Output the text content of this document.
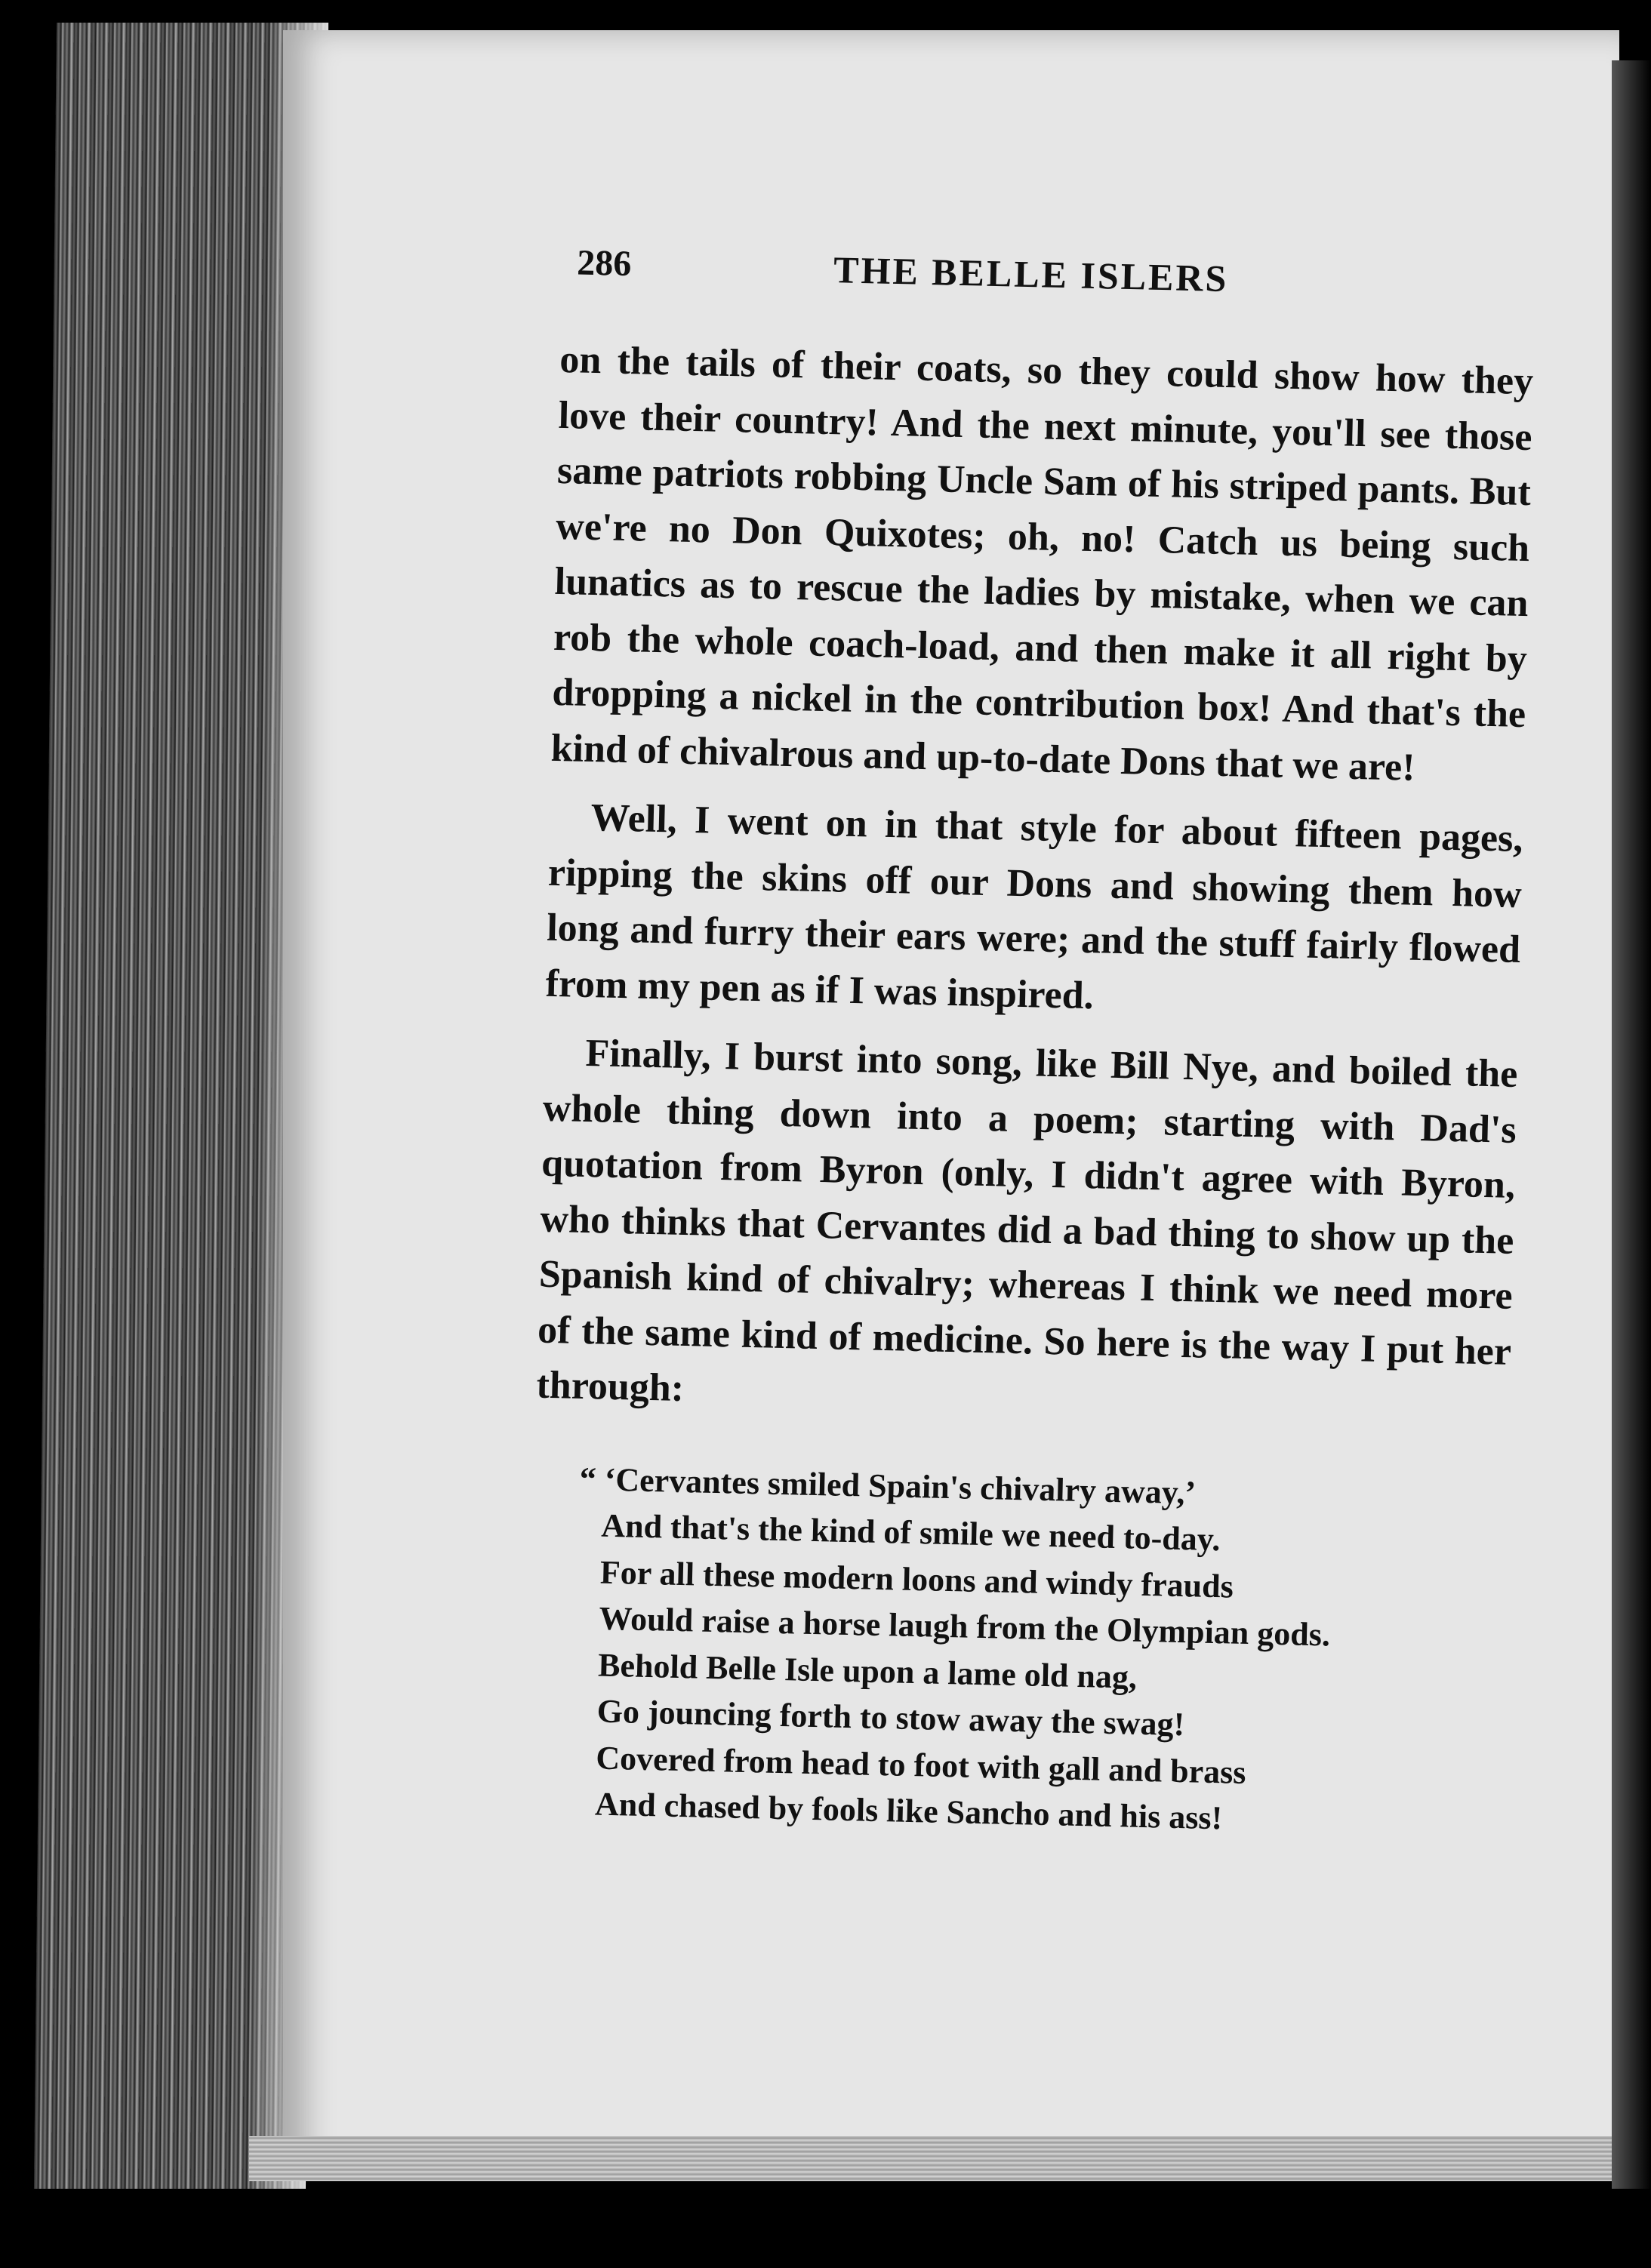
286	THE BELLE ISLERS

on the tails of their coats, so they could show how they love their country! And the next minute, you'll see those same patriots robbing Uncle Sam of his striped pants. But we're no Don Quixotes; oh, no! Catch us being such lunatics as to rescue the ladies by mistake, when we can rob the whole coach-load, and then make it all right by dropping a nickel in the contribution box! And that's the kind of chivalrous and up-to-date Dons that we are!

Well, I went on in that style for about fifteen pages, ripping the skins off our Dons and showing them how long and furry their ears were; and the stuff fairly flowed from my pen as if I was inspired.

Finally, I burst into song, like Bill Nye, and boiled the whole thing down into a poem; starting with Dad's quotation from Byron (only, I didn't agree with Byron, who thinks that Cervantes did a bad thing to show up the Spanish kind of chivalry; whereas I think we need more of the same kind of medicine. So here is the way I put her through:

“ ‘Cervantes smiled Spain's chivalry away,’
And that's the kind of smile we need to-day.
For all these modern loons and windy frauds
Would raise a horse laugh from the Olympian gods.
Behold Belle Isle upon a lame old nag,
Go jouncing forth to stow away the swag!
Covered from head to foot with gall and brass
And chased by fools like Sancho and his ass!
